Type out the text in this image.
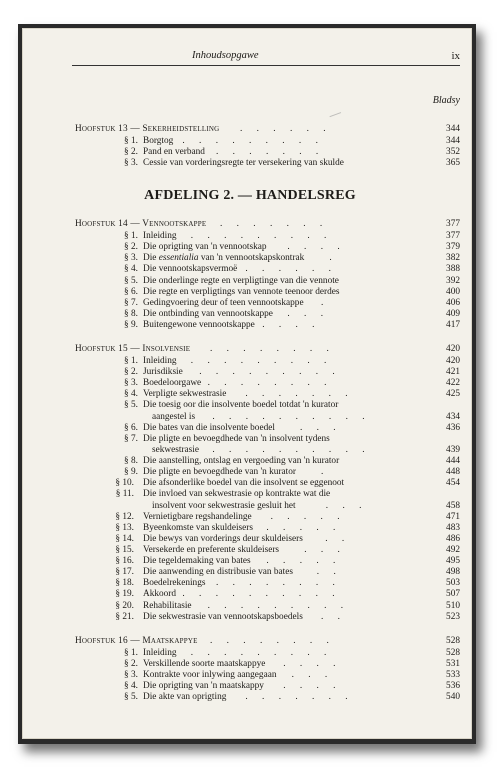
Inhoudsopgawe	ix
Bladsy
Hoofstuk 13 — Sekerheidstelling . . . . . .	344
§ 1. Borgtog . . . . . . . . .	344
§ 2. Pand en verband . . . . . . .	352
§ 3. Cessie van vorderingsregte ter versekering van skulde	365
AFDELING 2. — HANDELSREG
Hoofstuk 14 — Vennootskappe . . . . . . .	377
§ 1. Inleiding . . . . . . . . .	377
§ 2. Die oprigting van 'n vennootskap . . . .	379
§ 3. Die essentialia van 'n vennootskapskontrak	.	382
§ 4. Die vennootskapsvermoë . . . . . .	388
§ 5. Die onderlinge regte en verpligtinge van die vennote	392
§ 6. Die regte en verpligtings van vennote teenoor derdes	400
§ 7. Gedingvoering deur of teen vennootskappe .	406
§ 8. Die ontbinding van vennootskappe . . .	409
§ 9. Buitengewone vennootskappe . . . .	417
Hoofstuk 15 — Insolvensie . . . . . . . .	420
§ 1. Inleiding . . . . . . . . .	420
§ 2. Jurisdiksie . . . . . . . . .	421
§ 3. Boedeloorgawe . . . . . . . .	422
§ 4. Verpligte sekwestrasie . . . . . . .	425
§ 5. Die toesig oor die insolvente boedel totdat 'n kurator
aangestel is . . . . . . . . . .	434
§ 6. Die bates van die insolvente boedel	. . .	436
§ 7. Die pligte en bevoegdhede van 'n insolvent tydens
sekwestrasie . . . . . . . . . .	439
§ 8. Die aanstelling, ontslag en vergoeding van 'n kurator	444
§ 9. Die pligte en bevoegdhede van 'n kurator	.	448
§ 10. Die afsonderlike boedel van die insolvent se eggenoot	454
§ 11. Die invloed van sekwestrasie op kontrakte wat die
insolvent voor sekwestrasie gesluit het	. . .	458
§ 12. Vernietigbare regshandelinge . . . . .	471
§ 13. Byeenkomste van skuldeisers . . . . .	483
§ 14. Die bewys van vorderings deur skuldeisers . .	486
§ 15. Versekerde en preferente skuldeisers	. . .	492
§ 16. Die tegeldemaking van bates . . . . .	495
§ 17. Die aanwending en distribusie van bates	. .	498
§ 18. Boedelrekenings . . . . . . . .	503
§ 19. Akkoord . . . . . . . . . .	507
§ 20. Rehabilitasie . . . . . . . . .	510
§ 21. Die sekwestrasie van vennootskapsboedels . .	523
Hoofstuk 16 — Maatskappye . . . . . . . .	528
§ 1. Inleiding . . . . . . . . .	528
§ 2. Verskillende soorte maatskappye . . . .	531
§ 3. Kontrakte voor inlywing aangegaan . . .	533
§ 4. Die oprigting van 'n maatskappy . . . .	536
§ 5. Die akte van oprigting . . . . . . .	540
